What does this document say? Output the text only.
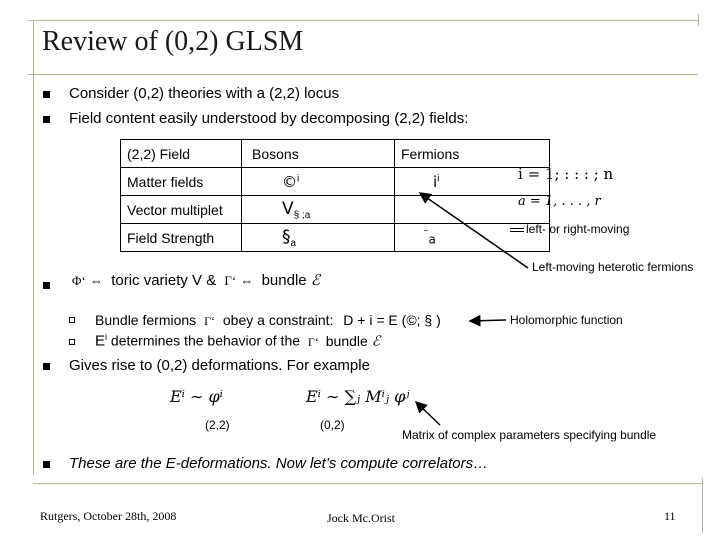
Review of (0,2) GLSM
Consider (0,2) theories with a (2,2) locus
Field content easily understood by decomposing (2,2) fields:
(2,2) Field	Bosons	Fermions
Matter fields	©$^i$	$i^i$
Vector multiplet	$V_{\S ;a}$	
Field Strength	$\S_a$	¨a
i = 1; : : : ; n
a = 1, . . . , r
left- or right-moving
Left-moving heterotic fermions
Φ‘ ⇔ toric variety V & Γ‘ ⇔ bundle ℰ
Bundle fermions Γ‘ obey a constraint: D + i = E (©; § )	Holomorphic function
$E^i$ determines the behavior of the Γ‘ bundle ℰ
Gives rise to (0,2) deformations. For example
Eⁱ ∼ φⁱ	Eⁱ ∼ ∑ⱼ Mⁱⱼ φʲ
(2,2)	(0,2)
Matrix of complex parameters specifying bundle
These are the E-deformations. Now let’s compute correlators…
Rutgers, October 28th, 2008	Jock Mc.Orist	11
